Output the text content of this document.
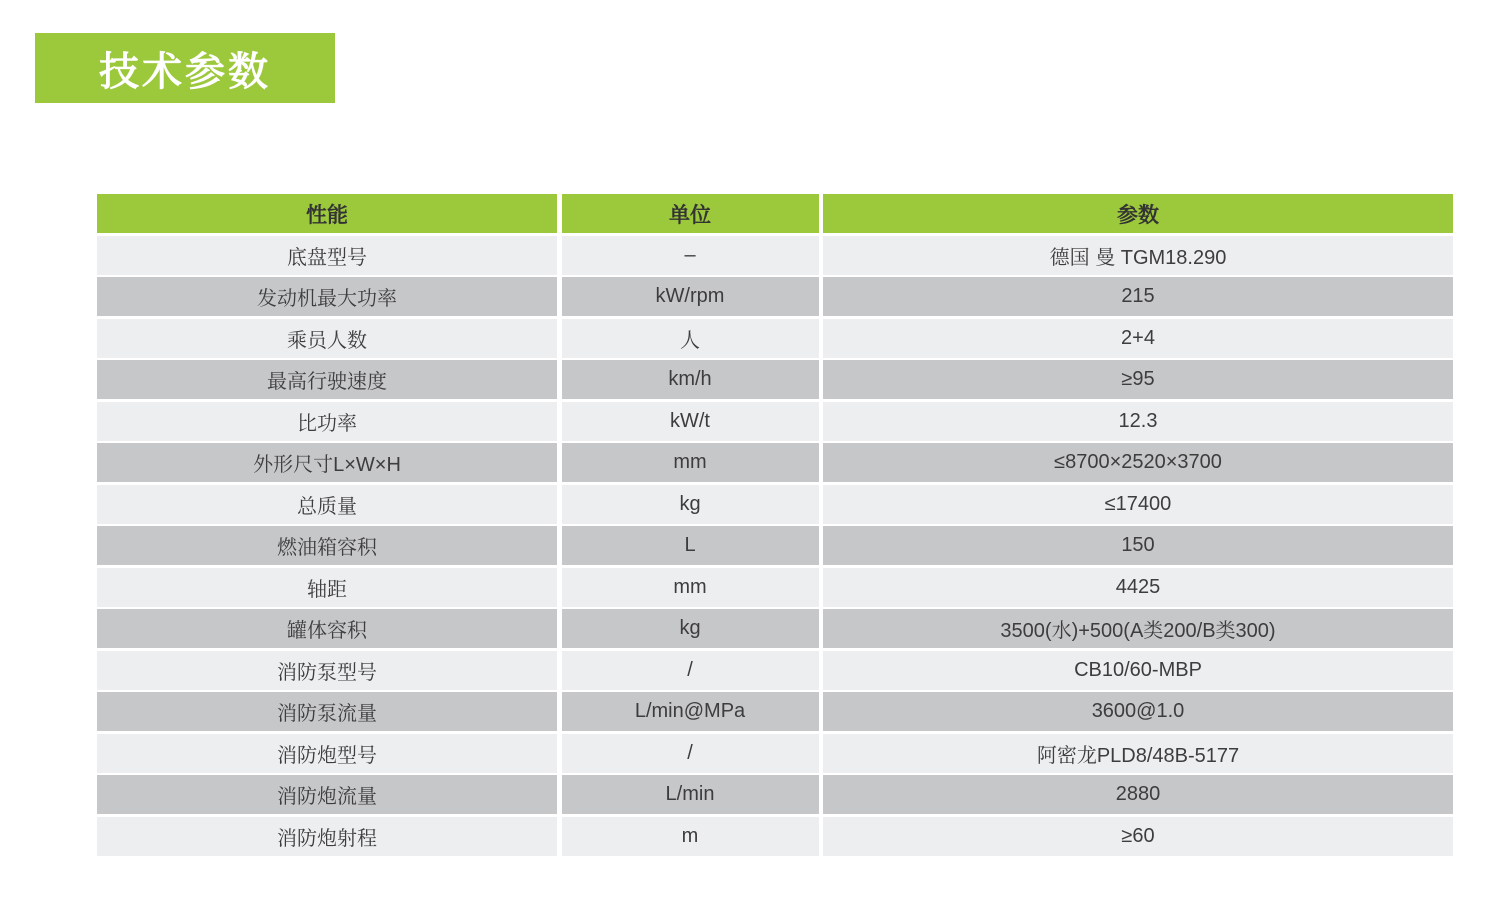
技术参数
性能	单位	参数
底盘型号	–	德国 曼 TGM18.290
发动机最大功率	kW/rpm	215
乘员人数	人	2+4
最高行驶速度	km/h	≥95
比功率	kW/t	12.3
外形尺寸L×W×H	mm	≤8700×2520×3700
总质量	kg	≤17400
燃油箱容积	L	150
轴距	mm	4425
罐体容积	kg	3500(水)+500(A类200/B类300)
消防泵型号	/	CB10/60-MBP
消防泵流量	L/min@MPa	3600@1.0
消防炮型号	/	阿密龙PLD8/48B-5177
消防炮流量	L/min	2880
消防炮射程	m	≥60
